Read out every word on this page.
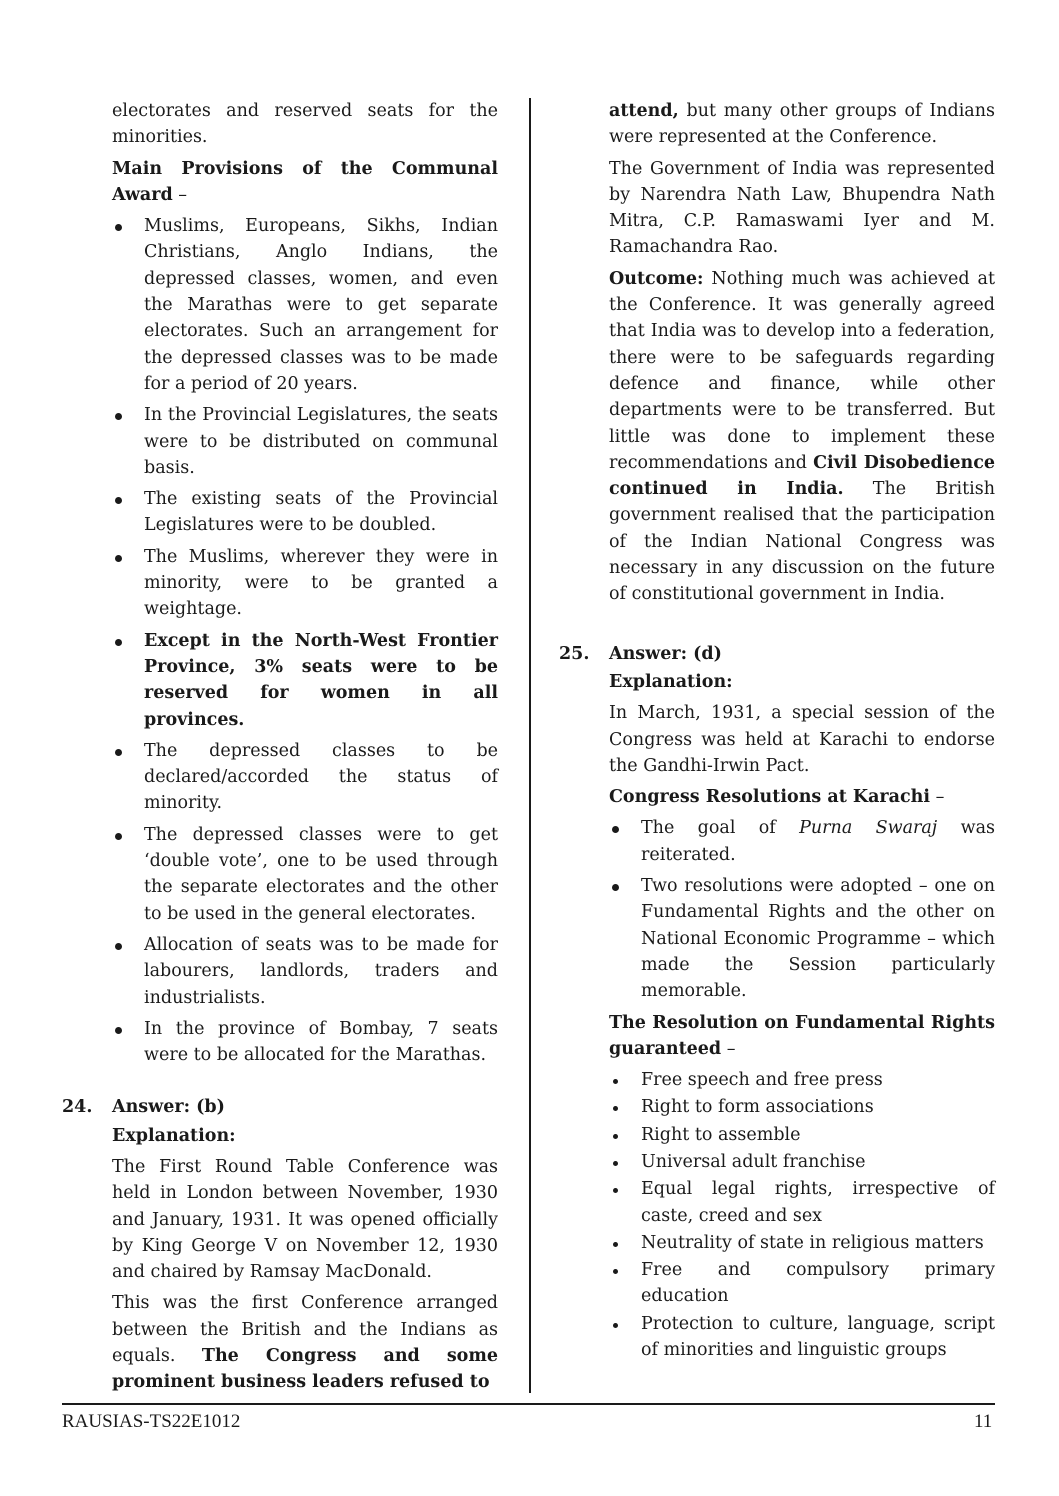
electorates and reserved seats for the minorities.

Main Provisions of the Communal Award –

Muslims, Europeans, Sikhs, Indian Christians, Anglo Indians, the depressed classes, women, and even the Marathas were to get separate electorates. Such an arrangement for the depressed classes was to be made for a period of 20 years.
In the Provincial Legislatures, the seats were to be distributed on communal basis.
The existing seats of the Provincial Legislatures were to be doubled.
The Muslims, wherever they were in minority, were to be granted a weightage.
Except in the North-West Frontier Province, 3% seats were to be reserved for women in all provinces.
The depressed classes to be declared/accorded the status of minority.
The depressed classes were to get ‘double vote’, one to be used through the separate electorates and the other to be used in the general electorates.
Allocation of seats was to be made for labourers, landlords, traders and industrialists.
In the province of Bombay, 7 seats were to be allocated for the Marathas.
24. Answer: (b)

Explanation:

The First Round Table Conference was held in London between November, 1930 and January, 1931. It was opened officially by King George V on November 12, 1930 and chaired by Ramsay MacDonald.

This was the first Conference arranged between the British and the Indians as equals. The Congress and some prominent business leaders refused to

attend, but many other groups of Indians were represented at the Conference.

The Government of India was represented by Narendra Nath Law, Bhupendra Nath Mitra, C.P. Ramaswami Iyer and M. Ramachandra Rao.

Outcome: Nothing much was achieved at the Conference. It was generally agreed that India was to develop into a federation, there were to be safeguards regarding defence and finance, while other departments were to be transferred. But little was done to implement these recommendations and Civil Disobedience continued in India. The British government realised that the participation of the Indian National Congress was necessary in any discussion on the future of constitutional government in India.

25. Answer: (d)

Explanation:

In March, 1931, a special session of the Congress was held at Karachi to endorse the Gandhi-Irwin Pact.

Congress Resolutions at Karachi –

The goal of Purna Swaraj was reiterated.
Two resolutions were adopted – one on Fundamental Rights and the other on National Economic Programme – which made the Session particularly memorable.

The Resolution on Fundamental Rights guaranteed –

Free speech and free press
Right to form associations
Right to assemble
Universal adult franchise
Equal legal rights, irrespective of caste, creed and sex
Neutrality of state in religious matters
Free and compulsory primary education
Protection to culture, language, script of minorities and linguistic groups
RAUSIAS-TS22E1012	11
